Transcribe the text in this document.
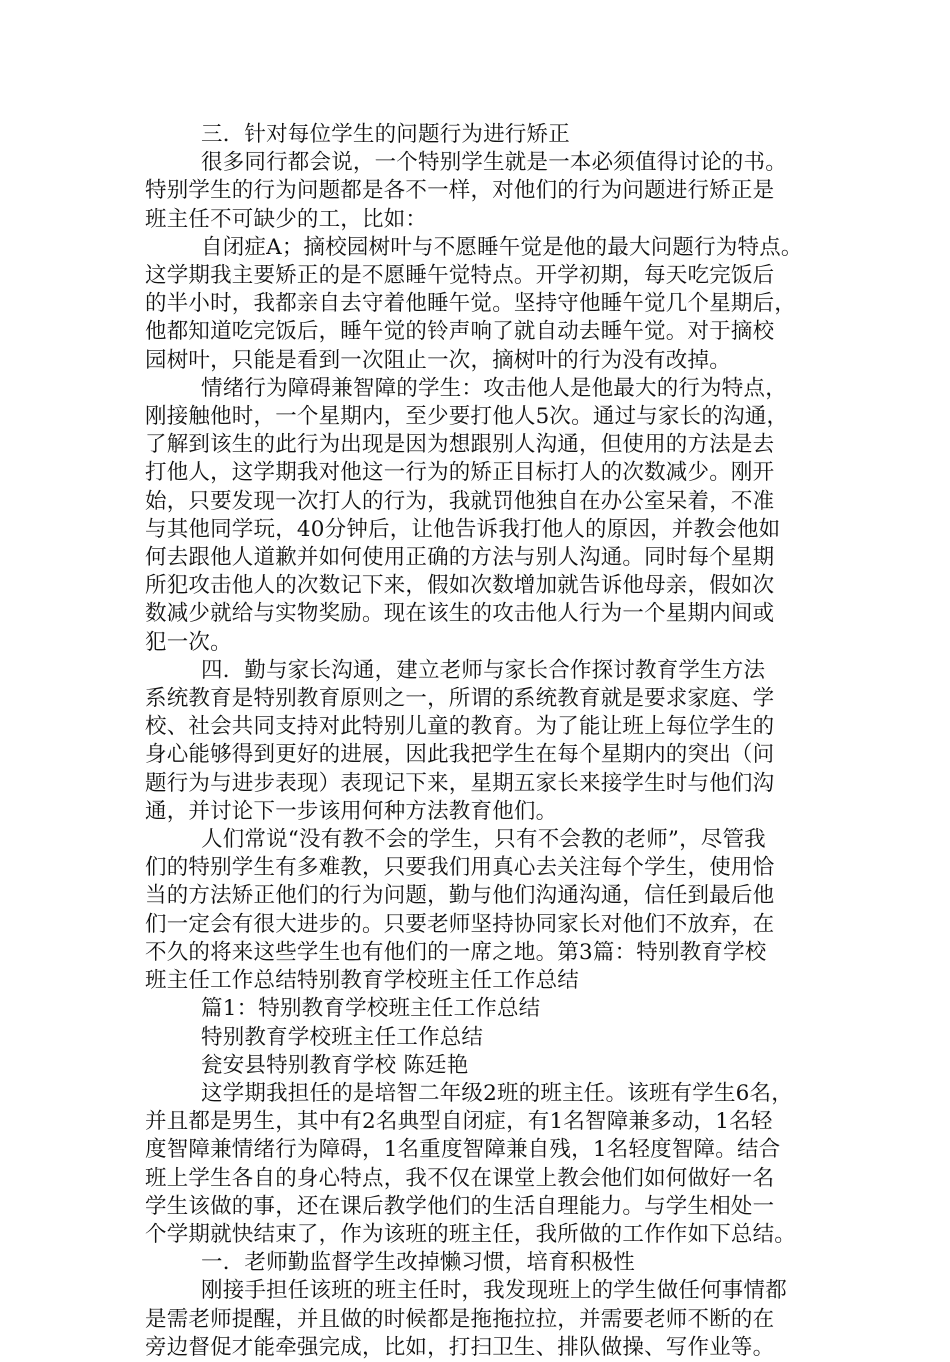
三．针对每位学生的问题行为进行矫正
很多同行都会说，一个特别学生就是一本必须值得讨论的书。
特别学生的行为问题都是各不一样，对他们的行为问题进行矫正是
班主任不可缺少的工，比如：
自闭症A；摘校园树叶与不愿睡午觉是他的最大问题行为特点。
这学期我主要矫正的是不愿睡午觉特点。开学初期，每天吃完饭后
的半小时，我都亲自去守着他睡午觉。坚持守他睡午觉几个星期后，
他都知道吃完饭后，睡午觉的铃声响了就自动去睡午觉。对于摘校
园树叶，只能是看到一次阻止一次，摘树叶的行为没有改掉。
情绪行为障碍兼智障的学生：攻击他人是他最大的行为特点，
刚接触他时，一个星期内，至少要打他人5次。通过与家长的沟通，
了解到该生的此行为出现是因为想跟别人沟通，但使用的方法是去
打他人，这学期我对他这一行为的矫正目标打人的次数减少。刚开
始，只要发现一次打人的行为，我就罚他独自在办公室呆着，不准
与其他同学玩，40分钟后，让他告诉我打他人的原因，并教会他如
何去跟他人道歉并如何使用正确的方法与别人沟通。同时每个星期
所犯攻击他人的次数记下来，假如次数增加就告诉他母亲，假如次
数减少就给与实物奖励。现在该生的攻击他人行为一个星期内间或
犯一次。
四．勤与家长沟通，建立老师与家长合作探讨教育学生方法
系统教育是特别教育原则之一，所谓的系统教育就是要求家庭、学
校、社会共同支持对此特别儿童的教育。为了能让班上每位学生的
身心能够得到更好的进展，因此我把学生在每个星期内的突出（问
题行为与进步表现）表现记下来，星期五家长来接学生时与他们沟
通，并讨论下一步该用何种方法教育他们。
人们常说“没有教不会的学生，只有不会教的老师”，尽管我
们的特别学生有多难教，只要我们用真心去关注每个学生，使用恰
当的方法矫正他们的行为问题，勤与他们沟通沟通，信任到最后他
们一定会有很大进步的。只要老师坚持协同家长对他们不放弃，在
不久的将来这些学生也有他们的一席之地。第3篇：特别教育学校
班主任工作总结特别教育学校班主任工作总结
篇1：特别教育学校班主任工作总结
特别教育学校班主任工作总结
瓮安县特别教育学校 陈廷艳
这学期我担任的是培智二年级2班的班主任。该班有学生6名，
并且都是男生，其中有2名典型自闭症，有1名智障兼多动，1名轻
度智障兼情绪行为障碍，1名重度智障兼自残，1名轻度智障。结合
班上学生各自的身心特点，我不仅在课堂上教会他们如何做好一名
学生该做的事，还在课后教学他们的生活自理能力。与学生相处一
个学期就快结束了，作为该班的班主任，我所做的工作作如下总结。
一．老师勤监督学生改掉懒习惯，培育积极性
刚接手担任该班的班主任时，我发现班上的学生做任何事情都
是需老师提醒，并且做的时候都是拖拖拉拉，并需要老师不断的在
旁边督促才能牵强完成，比如，打扫卫生、排队做操、写作业等。
